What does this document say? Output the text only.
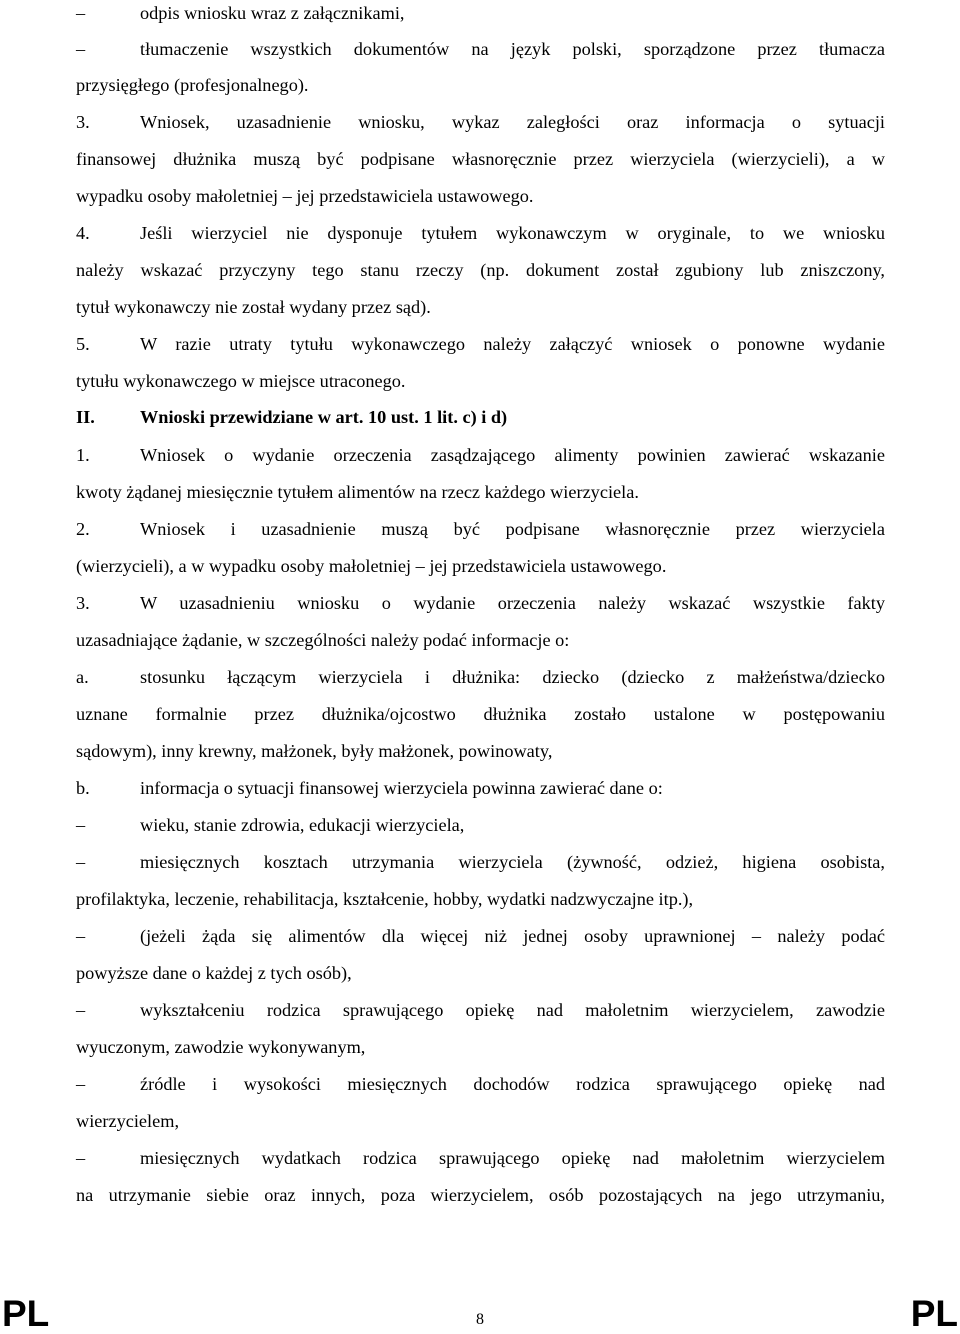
–	odpis wniosku wraz z załącznikami,
–	tłumaczenie wszystkich dokumentów na język polski, sporządzone przez tłumacza
przysięgłego (profesjonalnego).
3.	Wniosek, uzasadnienie wniosku, wykaz zaległości oraz informacja o sytuacji
finansowej dłużnika muszą być podpisane własnoręcznie przez wierzyciela (wierzycieli), a w
wypadku osoby małoletniej – jej przedstawiciela ustawowego.
4.	Jeśli wierzyciel nie dysponuje tytułem wykonawczym w oryginale, to we wniosku
należy wskazać przyczyny tego stanu rzeczy (np. dokument został zgubiony lub zniszczony,
tytuł wykonawczy nie został wydany przez sąd).
5.	W razie utraty tytułu wykonawczego należy załączyć wniosek o ponowne wydanie
tytułu wykonawczego w miejsce utraconego.
II. Wnioski przewidziane w art. 10 ust. 1 lit. c) i d)
1.	Wniosek o wydanie orzeczenia zasądzającego alimenty powinien zawierać wskazanie
kwoty żądanej miesięcznie tytułem alimentów na rzecz każdego wierzyciela.
2.	Wniosek i uzasadnienie muszą być podpisane własnoręcznie przez wierzyciela
(wierzycieli), a w wypadku osoby małoletniej – jej przedstawiciela ustawowego.
3.	W uzasadnieniu wniosku o wydanie orzeczenia należy wskazać wszystkie fakty
uzasadniające żądanie, w szczególności należy podać informacje o:
a.	stosunku łączącym wierzyciela i dłużnika: dziecko (dziecko z małżeństwa/dziecko
uznane formalnie przez dłużnika/ojcostwo dłużnika zostało ustalone w postępowaniu
sądowym), inny krewny, małżonek, były małżonek, powinowaty,
b.	informacja o sytuacji finansowej wierzyciela powinna zawierać dane o:
–	wieku, stanie zdrowia, edukacji wierzyciela,
–	miesięcznych kosztach utrzymania wierzyciela (żywność, odzież, higiena osobista,
profilaktyka, leczenie, rehabilitacja, kształcenie, hobby, wydatki nadzwyczajne itp.),
–	(jeżeli żąda się alimentów dla więcej niż jednej osoby uprawnionej – należy podać
powyższe dane o każdej z tych osób),
–	wykształceniu rodzica sprawującego opiekę nad małoletnim wierzycielem, zawodzie
wyuczonym, zawodzie wykonywanym,
–	źródle i wysokości miesięcznych dochodów rodzica sprawującego opiekę nad
wierzycielem,
–	miesięcznych wydatkach rodzica sprawującego opiekę nad małoletnim wierzycielem
na utrzymanie siebie oraz innych, poza wierzycielem, osób pozostających na jego utrzymaniu,
PL	8	PL
